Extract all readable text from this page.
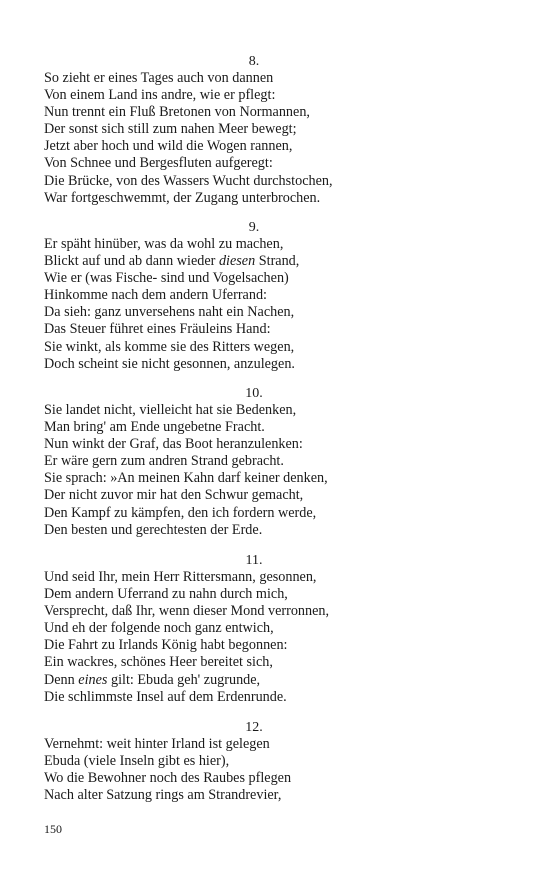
8.
So zieht er eines Tages auch von dannen
Von einem Land ins andre, wie er pflegt:
Nun trennt ein Fluß Bretonen von Normannen,
Der sonst sich still zum nahen Meer bewegt;
Jetzt aber hoch und wild die Wogen rannen,
Von Schnee und Bergesfluten aufgeregt:
Die Brücke, von des Wassers Wucht durchstochen,
War fortgeschwemmt, der Zugang unterbrochen.
9.
Er späht hinüber, was da wohl zu machen,
Blickt auf und ab dann wieder diesen Strand,
Wie er (was Fische- sind und Vogelsachen)
Hinkomme nach dem andern Uferrand:
Da sieh: ganz unversehens naht ein Nachen,
Das Steuer führet eines Fräuleins Hand:
Sie winkt, als komme sie des Ritters wegen,
Doch scheint sie nicht gesonnen, anzulegen.
10.
Sie landet nicht, vielleicht hat sie Bedenken,
Man bring' am Ende ungebetne Fracht.
Nun winkt der Graf, das Boot heranzulenken:
Er wäre gern zum andren Strand gebracht.
Sie sprach: »An meinen Kahn darf keiner denken,
Der nicht zuvor mir hat den Schwur gemacht,
Den Kampf zu kämpfen, den ich fordern werde,
Den besten und gerechtesten der Erde.
11.
Und seid Ihr, mein Herr Rittersmann, gesonnen,
Dem andern Uferrand zu nahn durch mich,
Versprecht, daß Ihr, wenn dieser Mond verronnen,
Und eh der folgende noch ganz entwich,
Die Fahrt zu Irlands König habt begonnen:
Ein wackres, schönes Heer bereitet sich,
Denn eines gilt: Ebuda geh' zugrunde,
Die schlimmste Insel auf dem Erdenrunde.
12.
Vernehmt: weit hinter Irland ist gelegen
Ebuda (viele Inseln gibt es hier),
Wo die Bewohner noch des Raubes pflegen
Nach alter Satzung rings am Strandrevier,
150
